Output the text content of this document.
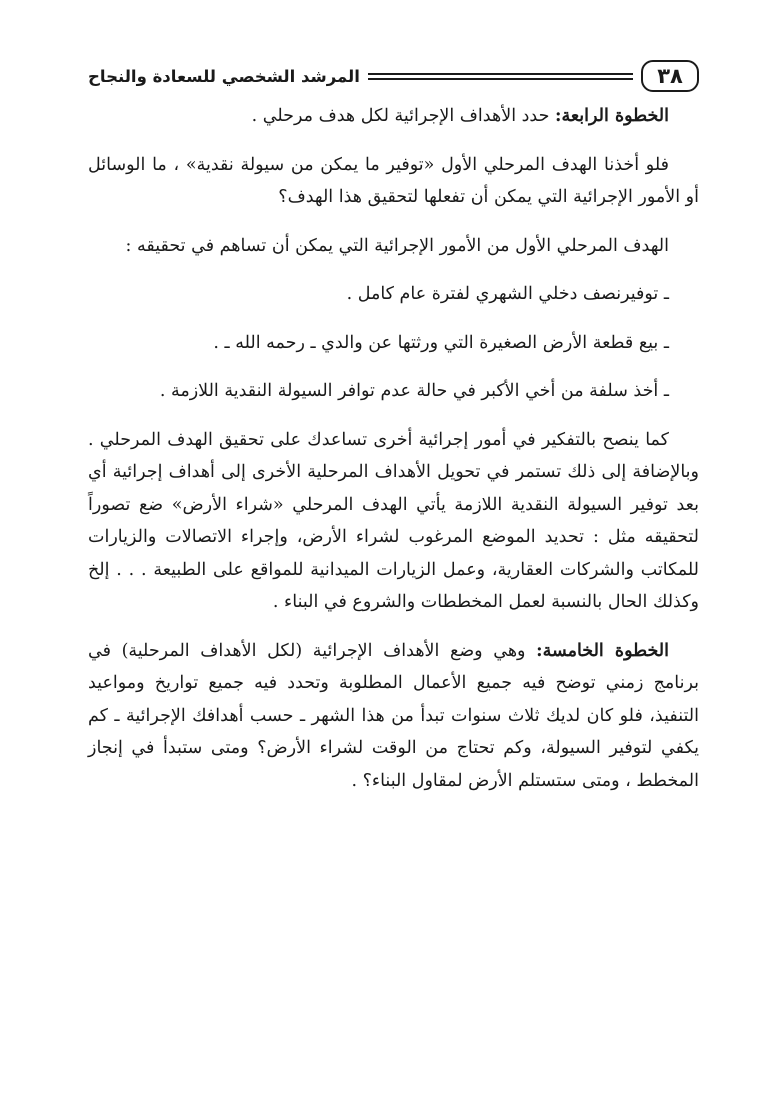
٣٨
المرشد الشخصي للسعادة والنجاح

الخطوة الرابعة: حدد الأهداف الإجرائية لكل هدف مرحلي .

فلو أخذنا الهدف المرحلي الأول «توفير ما يمكن من سيولة نقدية» ، ما الوسائل أو الأمور الإجرائية التي يمكن أن تفعلها لتحقيق هذا الهدف؟

الهدف المرحلي الأول من الأمور الإجرائية التي يمكن أن تساهم في تحقيقه :

ـ توفيرنصف دخلي الشهري لفترة عام كامل .

ـ بيع قطعة الأرض الصغيرة التي ورثتها عن والدي ـ رحمه الله ـ .

ـ أخذ سلفة من أخي الأكبر في حالة عدم توافر السيولة النقدية اللازمة .

كما ينصح بالتفكير في أمور إجرائية أخرى تساعدك على تحقيق الهدف المرحلي . وبالإضافة إلى ذلك تستمر في تحويل الأهداف المرحلية الأخرى إلى أهداف إجرائية أي بعد توفير السيولة النقدية اللازمة يأتي الهدف المرحلي «شراء الأرض» ضع تصوراً لتحقيقه مثل : تحديد الموضع المرغوب لشراء الأرض، وإجراء الاتصالات والزيارات للمكاتب والشركات العقارية، وعمل الزيارات الميدانية للمواقع على الطبيعة . . . إلخ وكذلك الحال بالنسبة لعمل المخططات والشروع في البناء .

الخطوة الخامسة: وهي وضع الأهداف الإجرائية (لكل الأهداف المرحلية) في برنامج زمني توضح فيه جميع الأعمال المطلوبة وتحدد فيه جميع تواريخ ومواعيد التنفيذ، فلو كان لديك ثلاث سنوات تبدأ من هذا الشهر ـ حسب أهدافك الإجرائية ـ كم يكفي لتوفير السيولة، وكم تحتاج من الوقت لشراء الأرض؟ ومتى ستبدأ في إنجاز المخطط ، ومتى ستستلم الأرض لمقاول البناء؟ .
